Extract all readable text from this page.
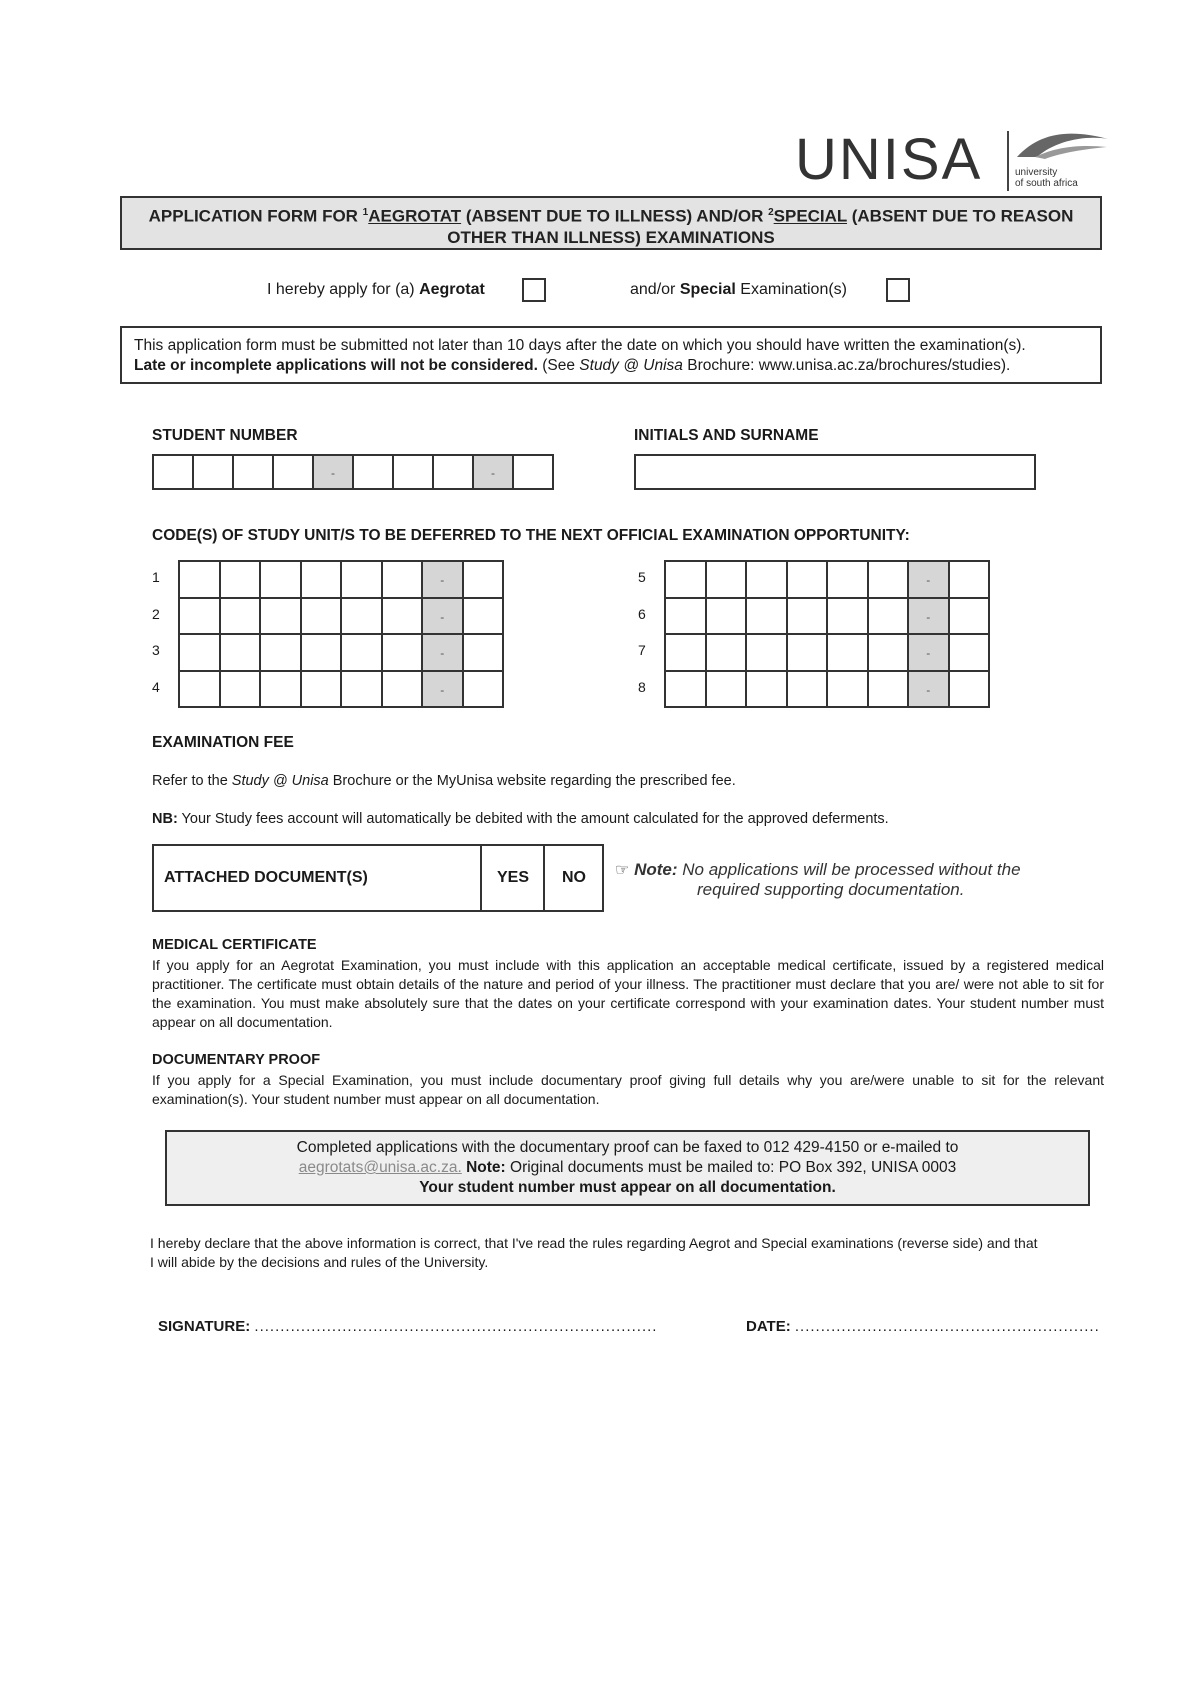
UNISA	university
of south africa
APPLICATION FORM FOR $^1$AEGROTAT (ABSENT DUE TO ILLNESS) AND/OR $^2$SPECIAL (ABSENT DUE TO REASON
OTHER THAN ILLNESS) EXAMINATIONS
I hereby apply for (a) Aegrotat	and/or Special Examination(s)
This application form must be submitted not later than 10 days after the date on which you should have written the examination(s).
Late or incomplete applications will not be considered. (See Study @ Unisa Brochure: www.unisa.ac.za/brochures/studies).
STUDENT NUMBER	INITIALS AND SURNAME
-	-
CODE(S) OF STUDY UNIT/S TO BE DEFERRED TO THE NEXT OFFICIAL EXAMINATION OPPORTUNITY:
1	-
2	-
3	-
4	-
5	-
6	-
7	-
8	-
EXAMINATION FEE
Refer to the Study @ Unisa Brochure or the MyUnisa website regarding the prescribed fee.
NB: Your Study fees account will automatically be debited with the amount calculated for the approved deferments.
ATTACHED DOCUMENT(S)	YES	NO	☞ Note: No applications will be processed without the
required supporting documentation.
MEDICAL CERTIFICATE
If you apply for an Aegrotat Examination, you must include with this application an acceptable medical certificate, issued by a registered medical practitioner. The certificate must obtain details of the nature and period of your illness. The practitioner must declare that you are/ were not able to sit for the examination. You must make absolutely sure that the dates on your certificate correspond with your examination dates. Your student number must appear on all documentation.
DOCUMENTARY PROOF
If you apply for a Special Examination, you must include documentary proof giving full details why you are/were unable to sit for the relevant examination(s). Your student number must appear on all documentation.
Completed applications with the documentary proof can be faxed to 012 429-4150 or e-mailed to
aegrotats@unisa.ac.za. Note: Original documents must be mailed to: PO Box 392, UNISA 0003
Your student number must appear on all documentation.
I hereby declare that the above information is correct, that I've read the rules regarding Aegrot and Special examinations (reverse side) and that
I will abide by the decisions and rules of the University.
SIGNATURE: ..............................................................................	DATE: ...........................................................
